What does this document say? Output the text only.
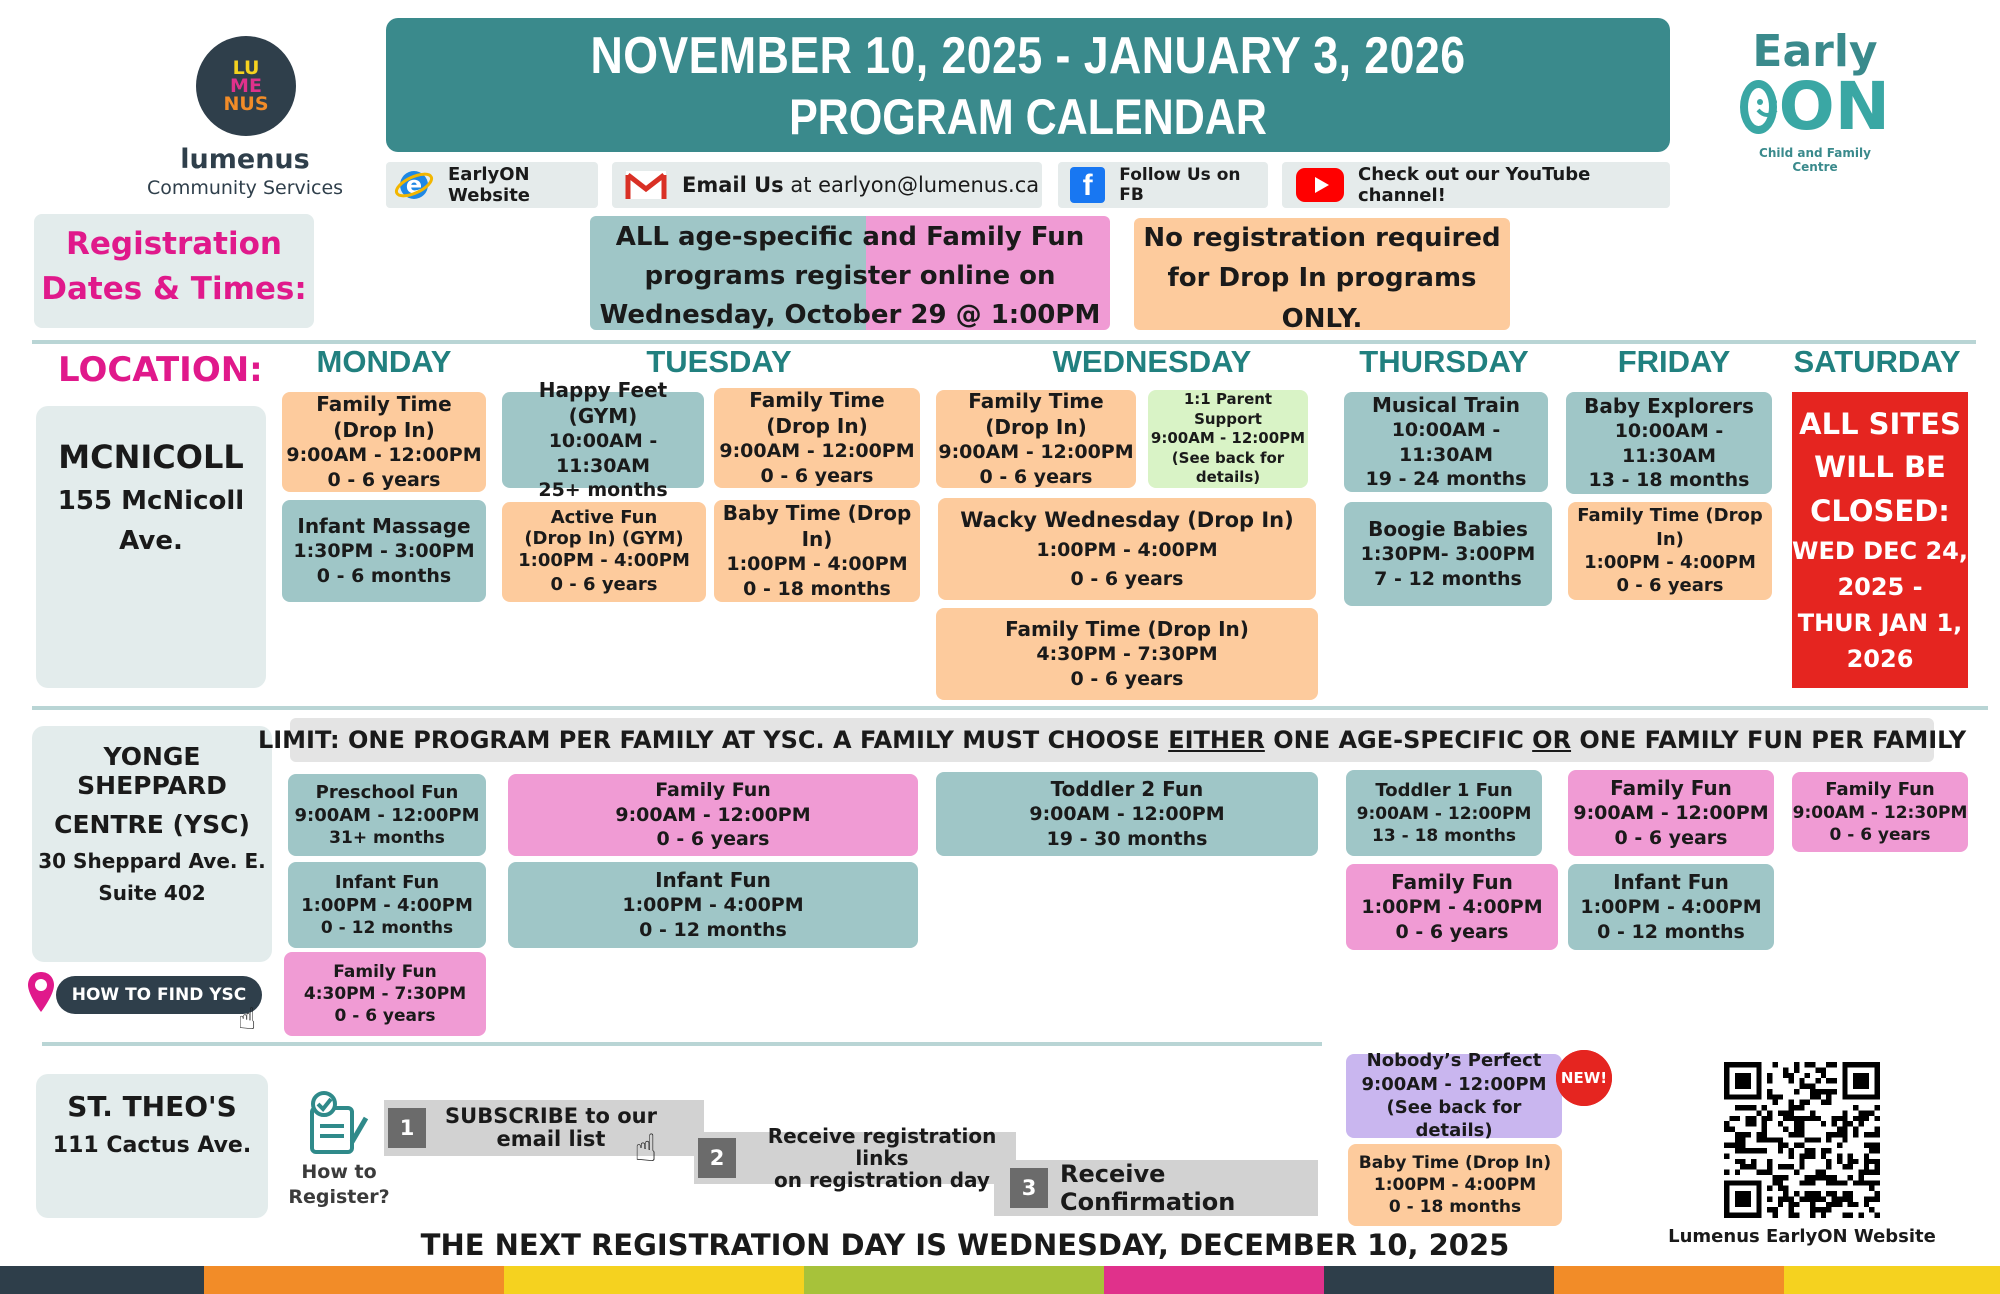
LU
ME
NUS
lumenus
Community Services
NOVEMBER 10, 2025 - JANUARY 3, 2026
PROGRAM CALENDAR
Early
ON
Child and Family Centre
e EarlyON Website	Email Us at earlyon@lumenus.ca	f	Follow Us on FB
Check out our YouTube channel!
Registration
Dates & Times:
ALL age-specific and Family Fun
programs register online on
Wednesday, October 29 @ 1:00PM
No registration required
for Drop In programs
ONLY.
LOCATION:	MONDAY	TUESDAY	WEDNESDAY	THURSDAY	FRIDAY	SATURDAY
MCNICOLL
155 McNicoll
Ave.
Family Time (Drop In)
9:00AM - 12:00PM
0 - 6 years
Infant Massage
1:30PM - 3:00PM
0 - 6 months
Happy Feet (GYM)
10:00AM - 11:30AM
25+ months
Active Fun (Drop In) (GYM)
1:00PM - 4:00PM
0 - 6 years
Family Time (Drop In)
9:00AM - 12:00PM
0 - 6 years
Baby Time (Drop In)
1:00PM - 4:00PM
0 - 18 months
Family Time (Drop In)
9:00AM - 12:00PM
0 - 6 years
1:1 Parent Support
9:00AM - 12:00PM
(See back for details)
Wacky Wednesday (Drop In)
1:00PM - 4:00PM
0 - 6 years
Family Time (Drop In)
4:30PM - 7:30PM
0 - 6 years
Musical Train
10:00AM - 11:30AM
19 - 24 months
Boogie Babies
1:30PM- 3:00PM
7 - 12 months
Baby Explorers
10:00AM - 11:30AM
13 - 18 months
Family Time (Drop In)
1:00PM - 4:00PM
0 - 6 years
ALL SITES
WILL BE
CLOSED:
WED DEC 24,
2025 -
THUR JAN 1,
2026
YONGE SHEPPARD
CENTRE (YSC)
30 Sheppard Ave. E.
Suite 402
HOW TO FIND YSC
☝
LIMIT: ONE PROGRAM PER FAMILY AT YSC. A FAMILY MUST CHOOSE EITHER ONE AGE-SPECIFIC OR ONE FAMILY FUN PER FAMILY
Preschool Fun
9:00AM - 12:00PM
31+ months
Infant Fun
1:00PM - 4:00PM
0 - 12 months
Family Fun
4:30PM - 7:30PM
0 - 6 years
Family Fun
9:00AM - 12:00PM
0 - 6 years
Infant Fun
1:00PM - 4:00PM
0 - 12 months
Toddler 2 Fun
9:00AM - 12:00PM
19 - 30 months
Toddler 1 Fun
9:00AM - 12:00PM
13 - 18 months
Family Fun
1:00PM - 4:00PM
0 - 6 years
Family Fun
9:00AM - 12:00PM
0 - 6 years
Infant Fun
1:00PM - 4:00PM
0 - 12 months
Family Fun
9:00AM - 12:30PM
0 - 6 years
ST. THEO'S
111 Cactus Ave.
How to
Register?
1
SUBSCRIBE to our
email list ☝	2
Receive registration links
on registration day	3 Receive Confirmation
Nobody’s Perfect
9:00AM - 12:00PM
(See back for details)
NEW!
Baby Time (Drop In)
1:00PM - 4:00PM
0 - 18 months
Lumenus EarlyON Website
THE NEXT REGISTRATION DAY IS WEDNESDAY, DECEMBER 10, 2025
